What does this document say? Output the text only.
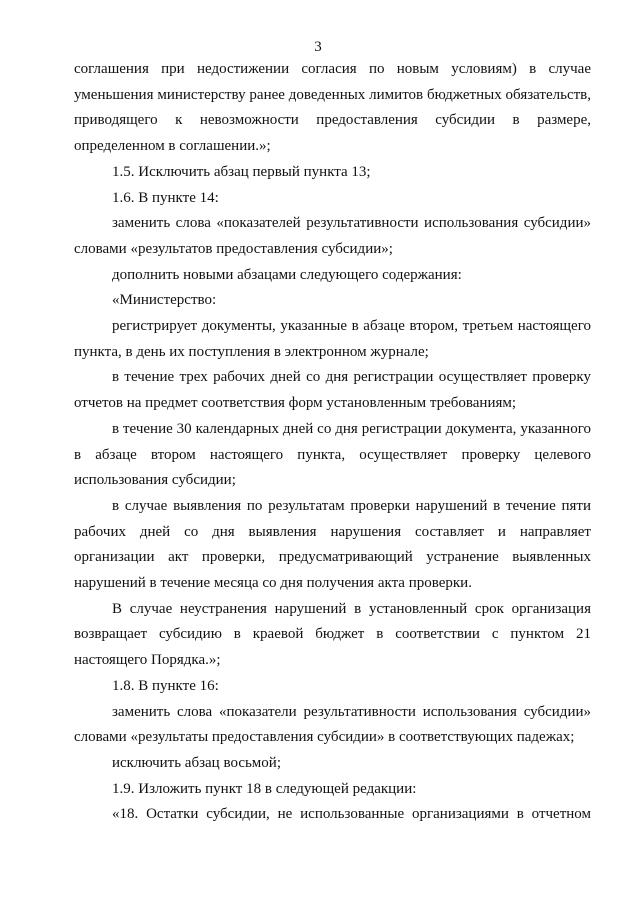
3

соглашения при недостижении согласия по новым условиям) в случае уменьшения министерству ранее доведенных лимитов бюджетных обязательств, приводящего к невозможности предоставления субсидии в размере, определенном в соглашении.»;

1.5. Исключить абзац первый пункта 13;

1.6. В пункте 14:

заменить слова «показателей результативности использования субсидии» словами «результатов предоставления субсидии»;

дополнить новыми абзацами следующего содержания:

«Министерство:

регистрирует документы, указанные в абзаце втором, третьем настоящего пункта, в день их поступления в электронном журнале;

в течение трех рабочих дней со дня регистрации осуществляет проверку отчетов на предмет соответствия форм установленным требованиям;

в течение 30 календарных дней со дня регистрации документа, указанного в абзаце втором настоящего пункта, осуществляет проверку целевого использования субсидии;

в случае выявления по результатам проверки нарушений в течение пяти рабочих дней со дня выявления нарушения составляет и направляет организации акт проверки, предусматривающий устранение выявленных нарушений в течение месяца со дня получения акта проверки.

В случае неустранения нарушений в установленный срок организация возвращает субсидию в краевой бюджет в соответствии с пунктом 21 настоящего Порядка.»;

1.8. В пункте 16:

заменить слова «показатели результативности использования субсидии» словами «результаты предоставления субсидии» в соответствующих падежах;

исключить абзац восьмой;

1.9. Изложить пункт 18 в следующей редакции:

«18. Остатки субсидии, не использованные организациями в отчетном
